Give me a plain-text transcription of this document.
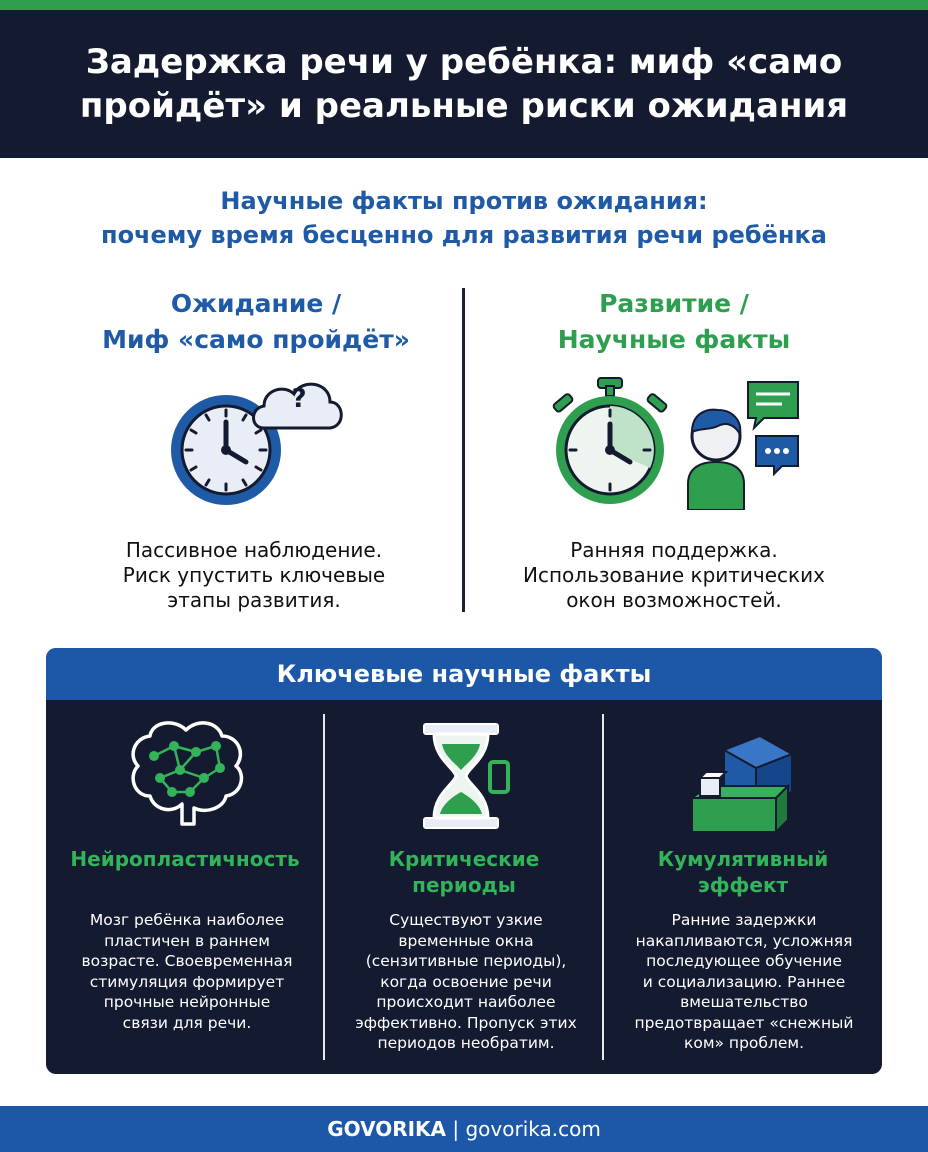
Задержка речи у ребёнка: миф «само пройдёт» и реальные риски ожидания
Научные факты против ожидания:
почему время бесценно для развития речи ребёнка
Ожидание /
Миф «само пройдёт»
?
Пассивное наблюдение.
Риск упустить ключевые
этапы развития.
Развитие /
Научные факты
Ранняя поддержка.
Использование критических
окон возможностей.
Ключевые научные факты

Нейропластичность

Мозг ребёнка наиболее
пластичен в раннем
возрасте. Своевременная
стимуляция формирует
прочные нейронные
связи для речи.

Критические
периоды

Существуют узкие
временные окна
(сензитивные периоды),
когда освоение речи
происходит наиболее
эффективно. Пропуск этих
периодов необратим.

Кумулятивный
эффект

Ранние задержки
накапливаются, усложняя
последующее обучение
и социализацию. Раннее
вмешательство
предотвращает «снежный
ком» проблем.
GOVORIKA | govorika.com
